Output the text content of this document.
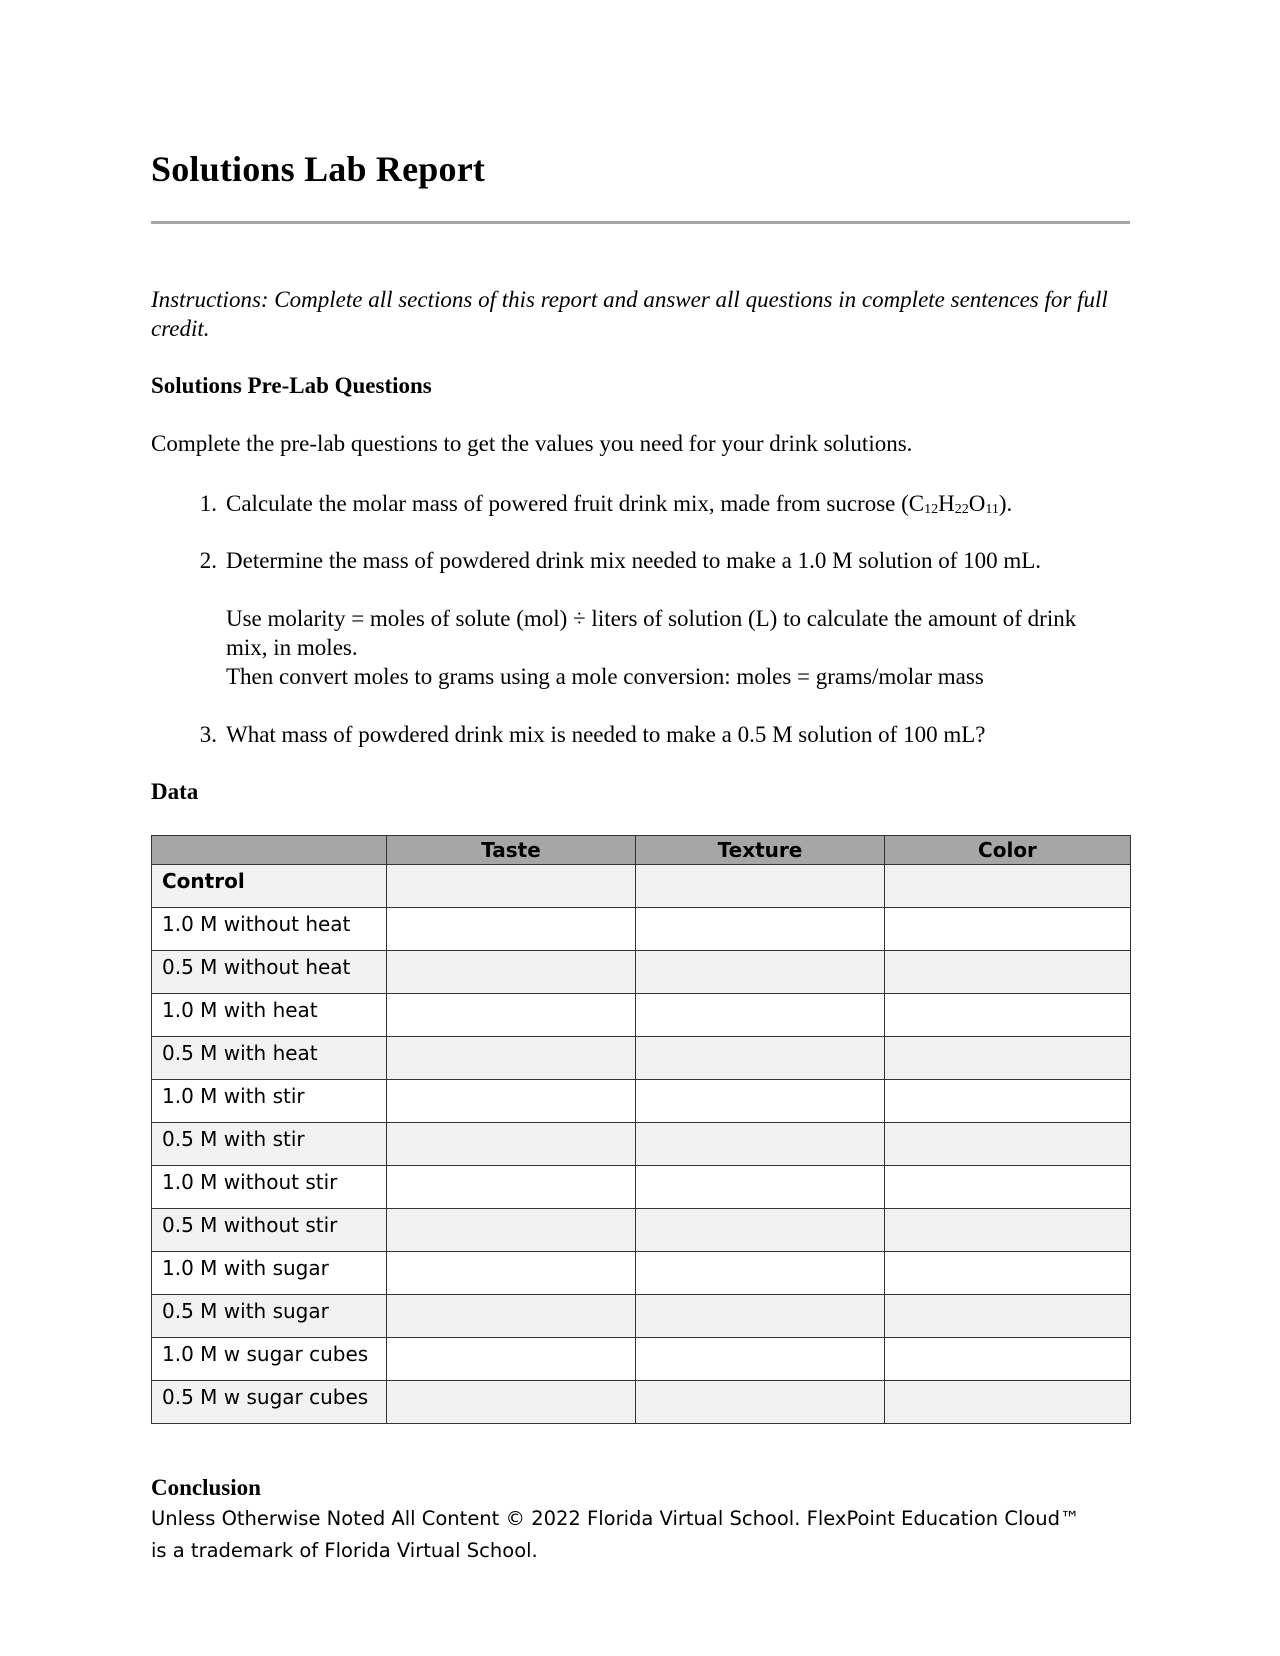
Solutions Lab Report
Instructions: Complete all sections of this report and answer all questions in complete sentences for full credit.
Solutions Pre-Lab Questions
Complete the pre-lab questions to get the values you need for your drink solutions.
1. Calculate the molar mass of powered fruit drink mix, made from sucrose $(C_{12}H_{22}O_{11})$.
2. Determine the mass of powdered drink mix needed to make a 1.0 M solution of 100 mL.
Use molarity = moles of solute (mol) ÷ liters of solution (L) to calculate the amount of drink mix, in moles.
Then convert moles to grams using a mole conversion: moles = grams/molar mass
3. What mass of powdered drink mix is needed to make a 0.5 M solution of 100 mL?
Data
	Taste	Texture	Color
Control			
1.0 M without heat			
0.5 M without heat			
1.0 M with heat			
0.5 M with heat			
1.0 M with stir			
0.5 M with stir			
1.0 M without stir			
0.5 M without stir			
1.0 M with sugar			
0.5 M with sugar			
1.0 M w sugar cubes			
0.5 M w sugar cubes			
Conclusion
Unless Otherwise Noted All Content © 2022 Florida Virtual School. FlexPoint Education Cloud™ is a trademark of Florida Virtual School.
